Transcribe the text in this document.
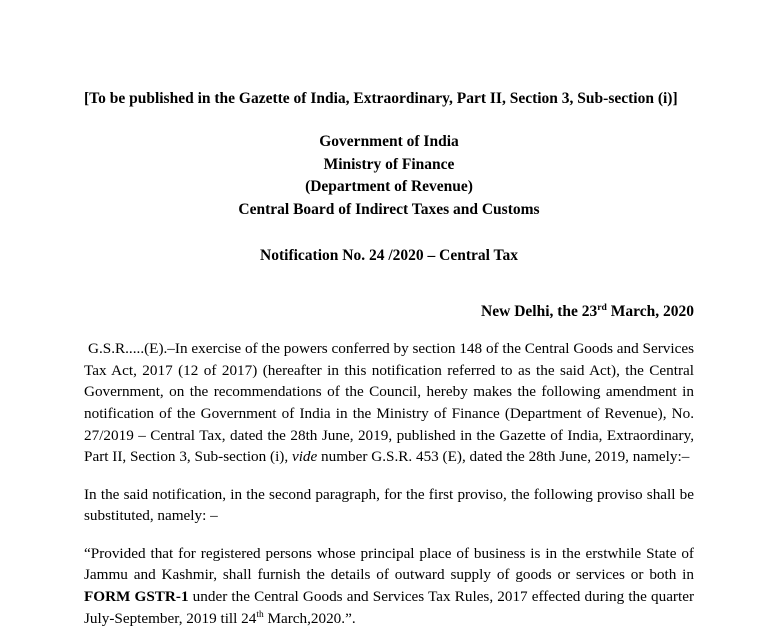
[To be published in the Gazette of India, Extraordinary, Part II, Section 3, Sub-section (i)]

Government of India
Ministry of Finance
(Department of Revenue)
Central Board of Indirect Taxes and Customs

Notification No. 24 /2020 – Central Tax

New Delhi, the 23rd March, 2020

G.S.R.....(E).–In exercise of the powers conferred by section 148 of the Central Goods and Services Tax Act, 2017 (12 of 2017) (hereafter in this notification referred to as the said Act), the Central Government, on the recommendations of the Council, hereby makes the following amendment in notification of the Government of India in the Ministry of Finance (Department of Revenue), No. 27/2019 – Central Tax, dated the 28th June, 2019, published in the Gazette of India, Extraordinary, Part II, Section 3, Sub-section (i), vide number G.S.R. 453 (E), dated the 28th June, 2019, namely:–

In the said notification, in the second paragraph, for the first proviso, the following proviso shall be substituted, namely: –

“Provided that for registered persons whose principal place of business is in the erstwhile State of Jammu and Kashmir, shall furnish the details of outward supply of goods or services or both in FORM GSTR-1 under the Central Goods and Services Tax Rules, 2017 effected during the quarter July-September, 2019 till 24th March,2020.”.
